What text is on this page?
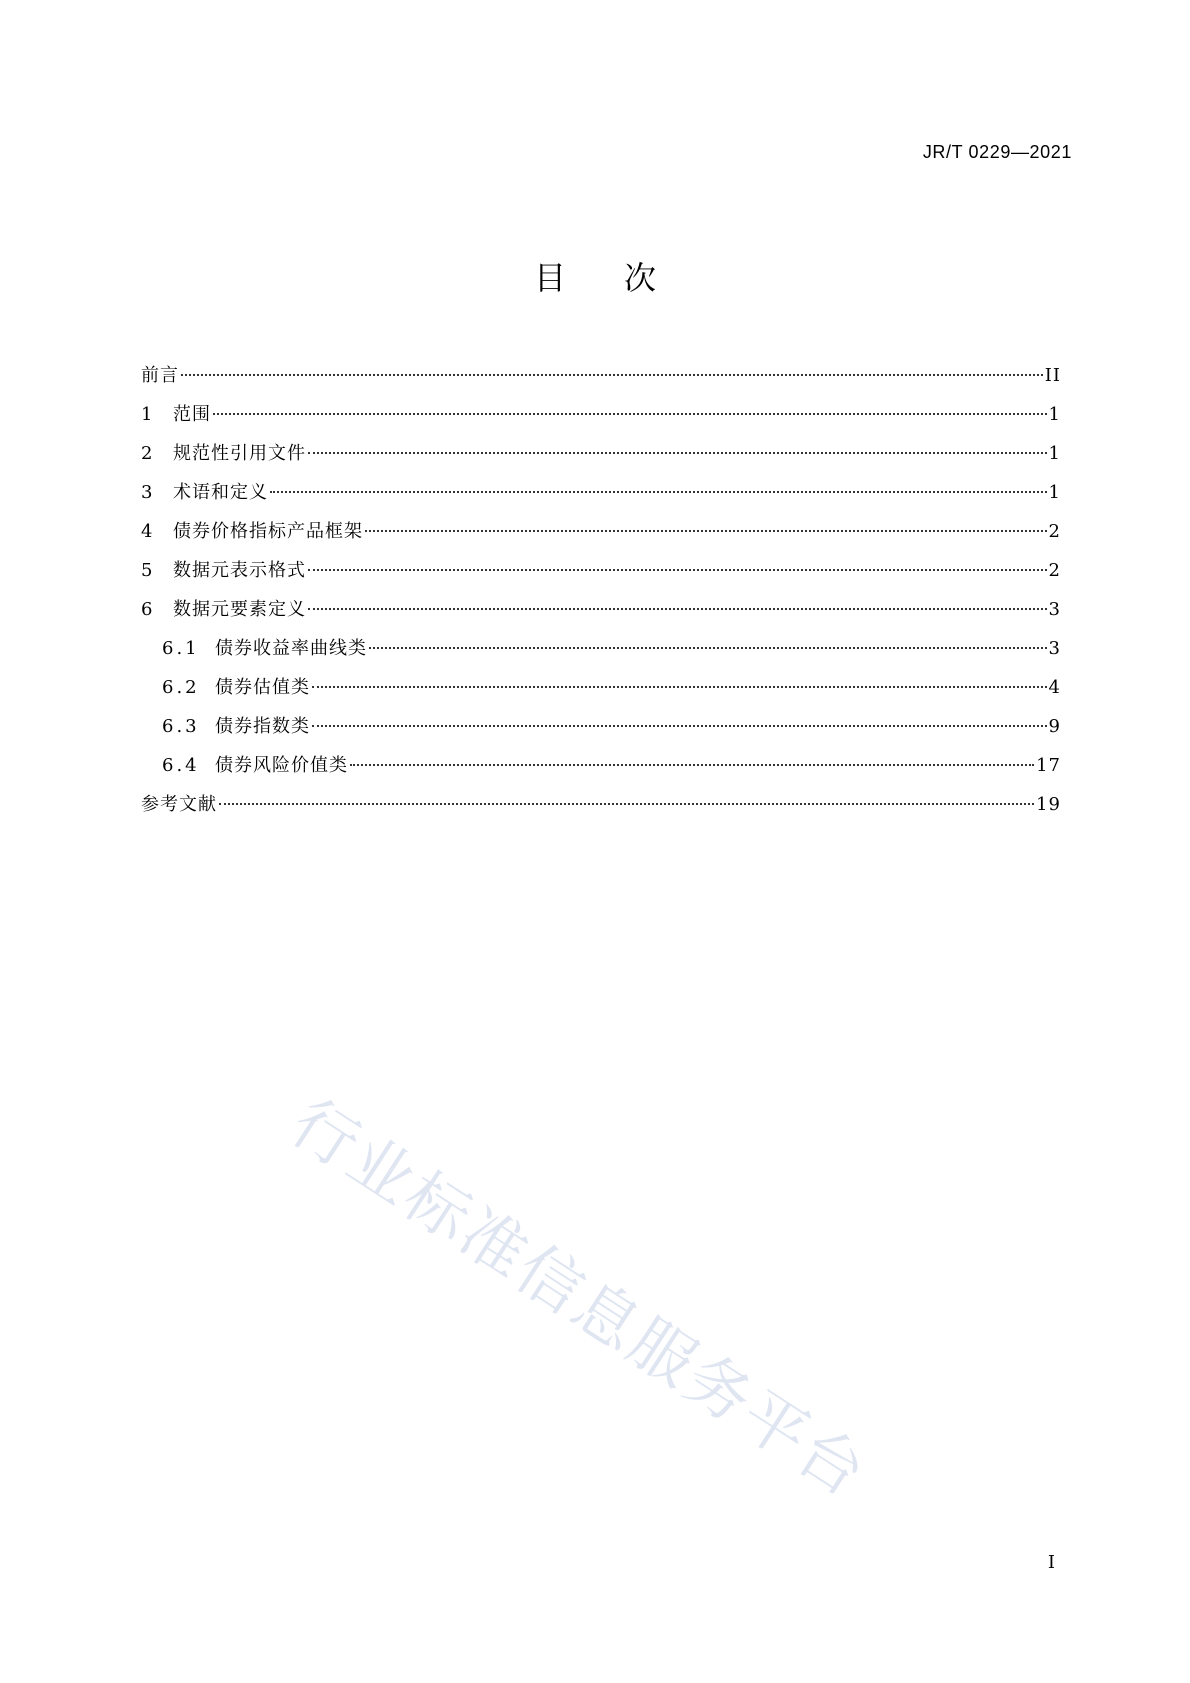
JR/T 0229—2021
目次
前言	II
1	范围	1
2	规范性引用文件	1
3	术语和定义	1
4	债券价格指标产品框架	2
5	数据元表示格式	2
6	数据元要素定义	3
6.1 债券收益率曲线类	3
6.2 债券估值类	4
6.3 债券指数类	9
6.4 债券风险价值类	17
参考文献	19
行业标准信息服务平台
I
